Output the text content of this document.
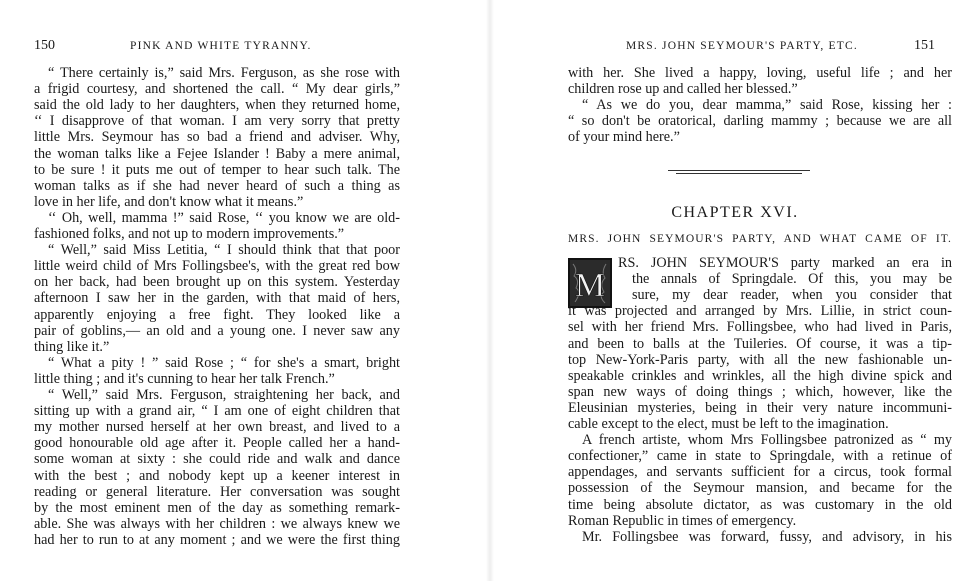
150	PINK AND WHITE TYRANNY.
“ There certainly is,” said Mrs. Ferguson, as she rose with
a frigid courtesy, and shortened the call. “ My dear girls,”
said the old lady to her daughters, when they returned home,
‘‘ I disapprove of that woman. I am very sorry that pretty
little Mrs. Seymour has so bad a friend and adviser. Why,
the woman talks like a Fejee Islander ! Baby a mere animal,
to be sure ! it puts me out of temper to hear such talk. The
woman talks as if she had never heard of such a thing as
love in her life, and don't know what it means.”
‘‘ Oh, well, mamma !” said Rose, ‘‘ you know we are old-
fashioned folks, and not up to modern improvements.”
“ Well,” said Miss Letitia, “ I should think that that poor
little weird child of Mrs Follingsbee's, with the great red bow
on her back, had been brought up on this system. Yesterday
afternoon I saw her in the garden, with that maid of hers,
apparently enjoying a free fight. They looked like a
pair of goblins,— an old and a young one. I never saw any
thing like it.”
“ What a pity ! ” said Rose ; “ for she's a smart, bright
little thing ; and it's cunning to hear her talk French.”
“ Well,” said Mrs. Ferguson, straightening her back, and
sitting up with a grand air, “ I am one of eight children that
my mother nursed herself at her own breast, and lived to a
good honourable old age after it. People called her a hand-
some woman at sixty : she could ride and walk and dance
with the best ; and nobody kept up a keener interest in
reading or general literature. Her conversation was sought
by the most eminent men of the day as something remark-
able. She was always with her children : we always knew we
had her to run to at any moment ; and we were the first thing
MRS. JOHN SEYMOUR'S PARTY, ETC.	151
with her. She lived a happy, loving, useful life ; and her
children rose up and called her blessed.”
“ As we do you, dear mamma,” said Rose, kissing her :
“ so don't be oratorical, darling mammy ; because we are all
of your mind here.”
CHAPTER XVI.
MRS. JOHN SEYMOUR'S PARTY, AND WHAT CAME OF IT.
M
RS. JOHN SEYMOUR'S party marked an era in
the annals of Springdale. Of this, you may be
sure, my dear reader, when you consider that
it was projected and arranged by Mrs. Lillie, in strict coun-
sel with her friend Mrs. Follingsbee, who had lived in Paris,
and been to balls at the Tuileries. Of course, it was a tip-
top New-York-Paris party, with all the new fashionable un-
speakable crinkles and wrinkles, all the high divine spick and
span new ways of doing things ; which, however, like the
Eleusinian mysteries, being in their very nature incommuni-
cable except to the elect, must be left to the imagination.
A french artiste, whom Mrs Follingsbee patronized as “ my
confectioner,” came in state to Springdale, with a retinue of
appendages, and servants sufficient for a circus, took formal
possession of the Seymour mansion, and became for the
time being absolute dictator, as was customary in the old
Roman Republic in times of emergency.
Mr. Follingsbee was forward, fussy, and advisory, in his
